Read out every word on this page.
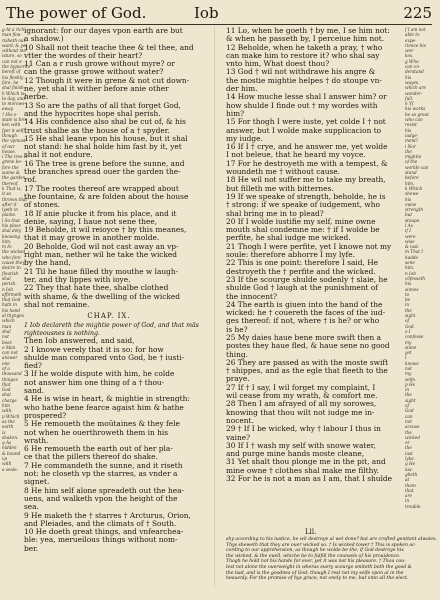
The power of God.	Iob	225
g At a rich
man flou-
risheth out-
ward, & yet
without mo-
isture, so
can not e-
the hypocrite
bereft of
his fleshly
fare, he
shal finish.
h Which is
to day, and
to morowe
away.
† His e-
state is bro-
ken with
fyer it self,
though
the vpmost
of our
house.
i The tree is
grene be-
fore the
sunne &
the garden
thereof.
k That is,
it so
thrown that
after it
lyeth in
plaine.
l So that
his place
shal dety
knowing
him.
m In
the wicked
who fore
cause they
desire to
flourish
shal
perish.
n Iob
affirmeth
that God
hath in
his hand
al thynges
which
man
shal
not
bear.
o Man
can not
answer
one
of a
thousand
thinges
that
God
shal
charge
him
with.
p Which
as the
earth
is
shaken.
q As
hidden
& bound
vp
with
a seale.
ignorant: for our dayes vpon earth are but
a shadow.)
10 Shall not theit teache thee & tel thee, and
vtter the wordes of their heart?
11 Can a r rush growe without myre? or
can the grasse growe without water?
12 Though it were in grene & not cut down-
ne, yet shal it wither before anie other
herbe.
13 So are the paths of all that forget God,
and the hypocrites hope shal perish.
14 His confidence also shal be cut of, & his
trust shalbe as the house of a † spyder.
15 He shal leane vpon his house, but it shal
not stand: he shal holde him fast by it, yet
shal it not endure.
16 The tree is grene before the sunne, and
the branches spread ouer the garden the-
rof.
17 The rootes thereof are wrapped about
the fountaine, & are folden about the house
of stones.
18 If anie plucke it from his place, and it
denie, saying, I haue not sene thee,
19 Beholde, it wil reioyce † by this meanes,
that it may growe in another molde.
20 Beholde, God wil not cast away an vp-
right man, nether wil he take the wicked
by the hand,
21 Til he haue filled thy mouthe w laugh-
ter, and thy lippes with ioye.
22 They that hate thee, shalbe clothed
with shame, & the dwelling of the wicked
shal not remaine.
CHAP. IX.
1 Iob declareth the mightie power of God, and that mās
righteousnes is nothing.
Then Iob answered, and said,
2 I knowe verely that it is so: for how
shulde man compared vnto God, be † iusti-
fied?
3 If he wolde dispute with him, he colde
not answer him one thing of a † thou-
sand.
4 He is wise in heart, & mightie in strength:
who hathe bene fearce agaist him & hathe
prospered?
5 He remoueth the moūtaines & they fele
not when he ouerthroweth them in his
wrath.
6 He remoueth the earth out of her pla-
ce that the pillers thereof do shake.
7 He commandeth the sunne, and it riseth
not: he closeth vp the starres, as vnder a
signet.
8 He him self alone spreadeth out the hea-
uens, and walketh vpon the height of the
sea.
9 He maketh the † starres † Arcturus, Orion,
and Pleiades, and the climats of † South.
10 He doeth great things, and vnfearchea-
ble: yea, merueilous things without nom-
ber.
11 Lo, when he goeth † by me, I se him not:
& when he passeth by, I perceiue him not.
12 Beholde, when he taketh a pray, † who
can make him to restore it? who shal say
vnto him, What doest thou?
13 God † wil not withdrawe his angre &
the mostie mightie helpes † do stoupe vn-
der him.
14 How muche lesse shal I answer him? or
how shulde I finde out † my wordes with
him?
15 For thogh I were iuste, yet colde I † not
answer, but I wolde make supplicacion to
my iudge.
16 If I † crye, and he answer me, yet wolde
I not beleue, that he heard my voyce.
17 For he destroyeth me with a tempest, &
woundeth me † without cause.
18 He wil not suffer me to take my breath,
but filleth me with bitternes.
19 If we speake of strength, beholde, he is
† strong: if we speake of iudgement, who
shal bring me in to plead?
20 If I wolde iustifie my self, mine owne
mouth shal condemne me: † if I wolde be
perfite, he shal iudge me wicked.
21 Thogh I were perfite, yet I knowe not my
soule: therefore abhorre I my lyfe.
22 This is one point: therefore I said, He
destroyeth the † perfite and the wicked.
23 If the scourge shulde sodenly † slaie, he
shulde God † laugh at the punishment of
the innocent?
24 The earth is giuen into the hand of the
wicked: he † couereth the faces of the iud-
ges thereof: if not, where † is he? or who
is he?
25 My daies haue bene more swift then a
postes they haue fled, & haue sene no good
thing.
26 They are passed as with the moste swift
† shippes, and as the egle that fleeth to the
praye.
27 If † I say, I wil forget my complaint, I
wil cease from my wrath, & comfort me.
28 Then I am afrayed of all my sorowes,
knowing that thou wilt not iudge me in-
nocent.
29 † If I be wicked, why † labour I thus in
vaine?
30 If I † wash my self with snowe water,
and purge mine hands moste cleane,
31 Yet shalt thou plonge me in the pit, and
mine owne † clothes shal make me filthy.
32 For he is not a man as I am, that I shulde
f I am not
able to
expe-
rience his
wor-
kes.
g Who
can vn-
derstand
his
wayes,
which are
wonder-
full.
h Yf
his works
be so great
who can
resist
his
iudge-
ment?
i Nor
the
mightie
of the
worlde can
stand
before
him.
k Which
shewe
his
owne
strength
but
stoupe.
l As
if I
were
wise
& iust.
m That I
hadde
sene
him.
n Iob
cōfesseth
his
sinnes
to
be
in
the
sight
of
God.
o I
confesse
my
sinne
yet
I
knowe
not
my
selfe.
p He
in
the
sight
of
God
can
not
accuse
the
wicked
or
the
iust
lyke.
q He
lau-
gheth
at
them
that
are
in
trouble.
Lll.
shy according to his iustice, he wil destroye al wel done? but are crafted genttant alwaies.
Thys sheweth that they are ouer wicked so. † Is wicked tower † This is spoken ac-
cording to our apprehension, as though he wolde be the, if God destroye his
the wicked, & the euell, whiche be to fulfill the counsels of his prouidence.
Thogh he hold not his hande for ever, yet it was not his pleasure. † Thou cou-
lest not alone the ouerweight in wheras euery scourge smiteth both the good &
the bad, and is the goodnes of God; though I rest not my selfe vpon al in the
heauenly. For the promise of hys grace; not onely to me, but vnto all the elect.
